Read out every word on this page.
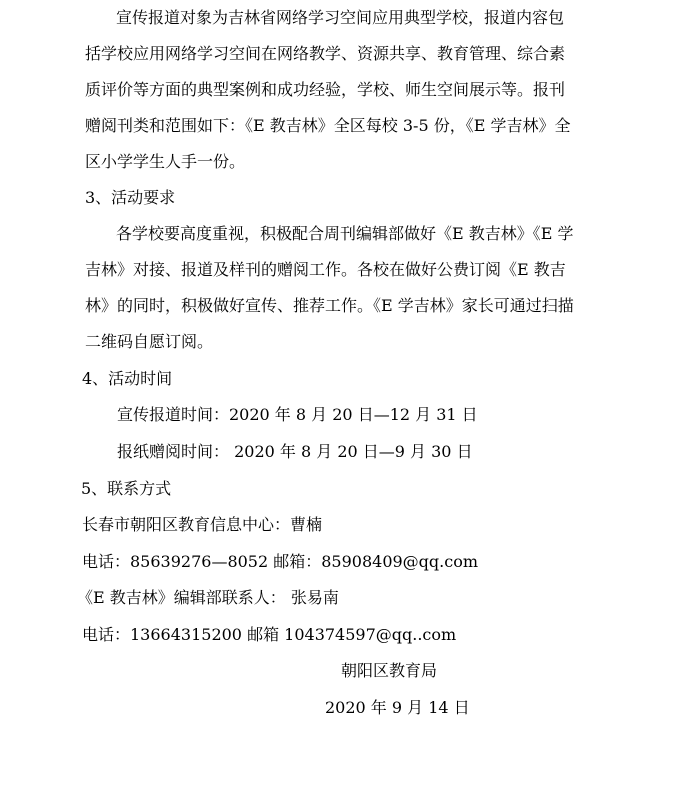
宣传报道对象为吉林省网络学习空间应用典型学校，报道内容包
括学校应用网络学习空间在网络教学、资源共享、教育管理、综合素
质评价等方面的典型案例和成功经验，学校、师生空间展示等。报刊
赠阅刊类和范围如下：《E 教吉林》全区每校 3-5 份，《E 学吉林》全
区小学学生人手一份。
3、活动要求
各学校要高度重视，积极配合周刊编辑部做好《E 教吉林》《E 学
吉林》对接、报道及样刊的赠阅工作。各校在做好公费订阅《E 教吉
林》的同时，积极做好宣传、推荐工作。《E 学吉林》家长可通过扫描
二维码自愿订阅。
4、活动时间
宣传报道时间：2020 年 8 月 20 日—12 月 31 日
报纸赠阅时间： 2020 年 8 月 20 日—9 月 30 日
5、联系方式
长春市朝阳区教育信息中心：曹楠
电话：85639276—8052 邮箱：85908409@qq.com
《E 教吉林》编辑部联系人： 张易南
电话：13664315200 邮箱 104374597@qq..com
朝阳区教育局
2020 年 9 月 14 日
